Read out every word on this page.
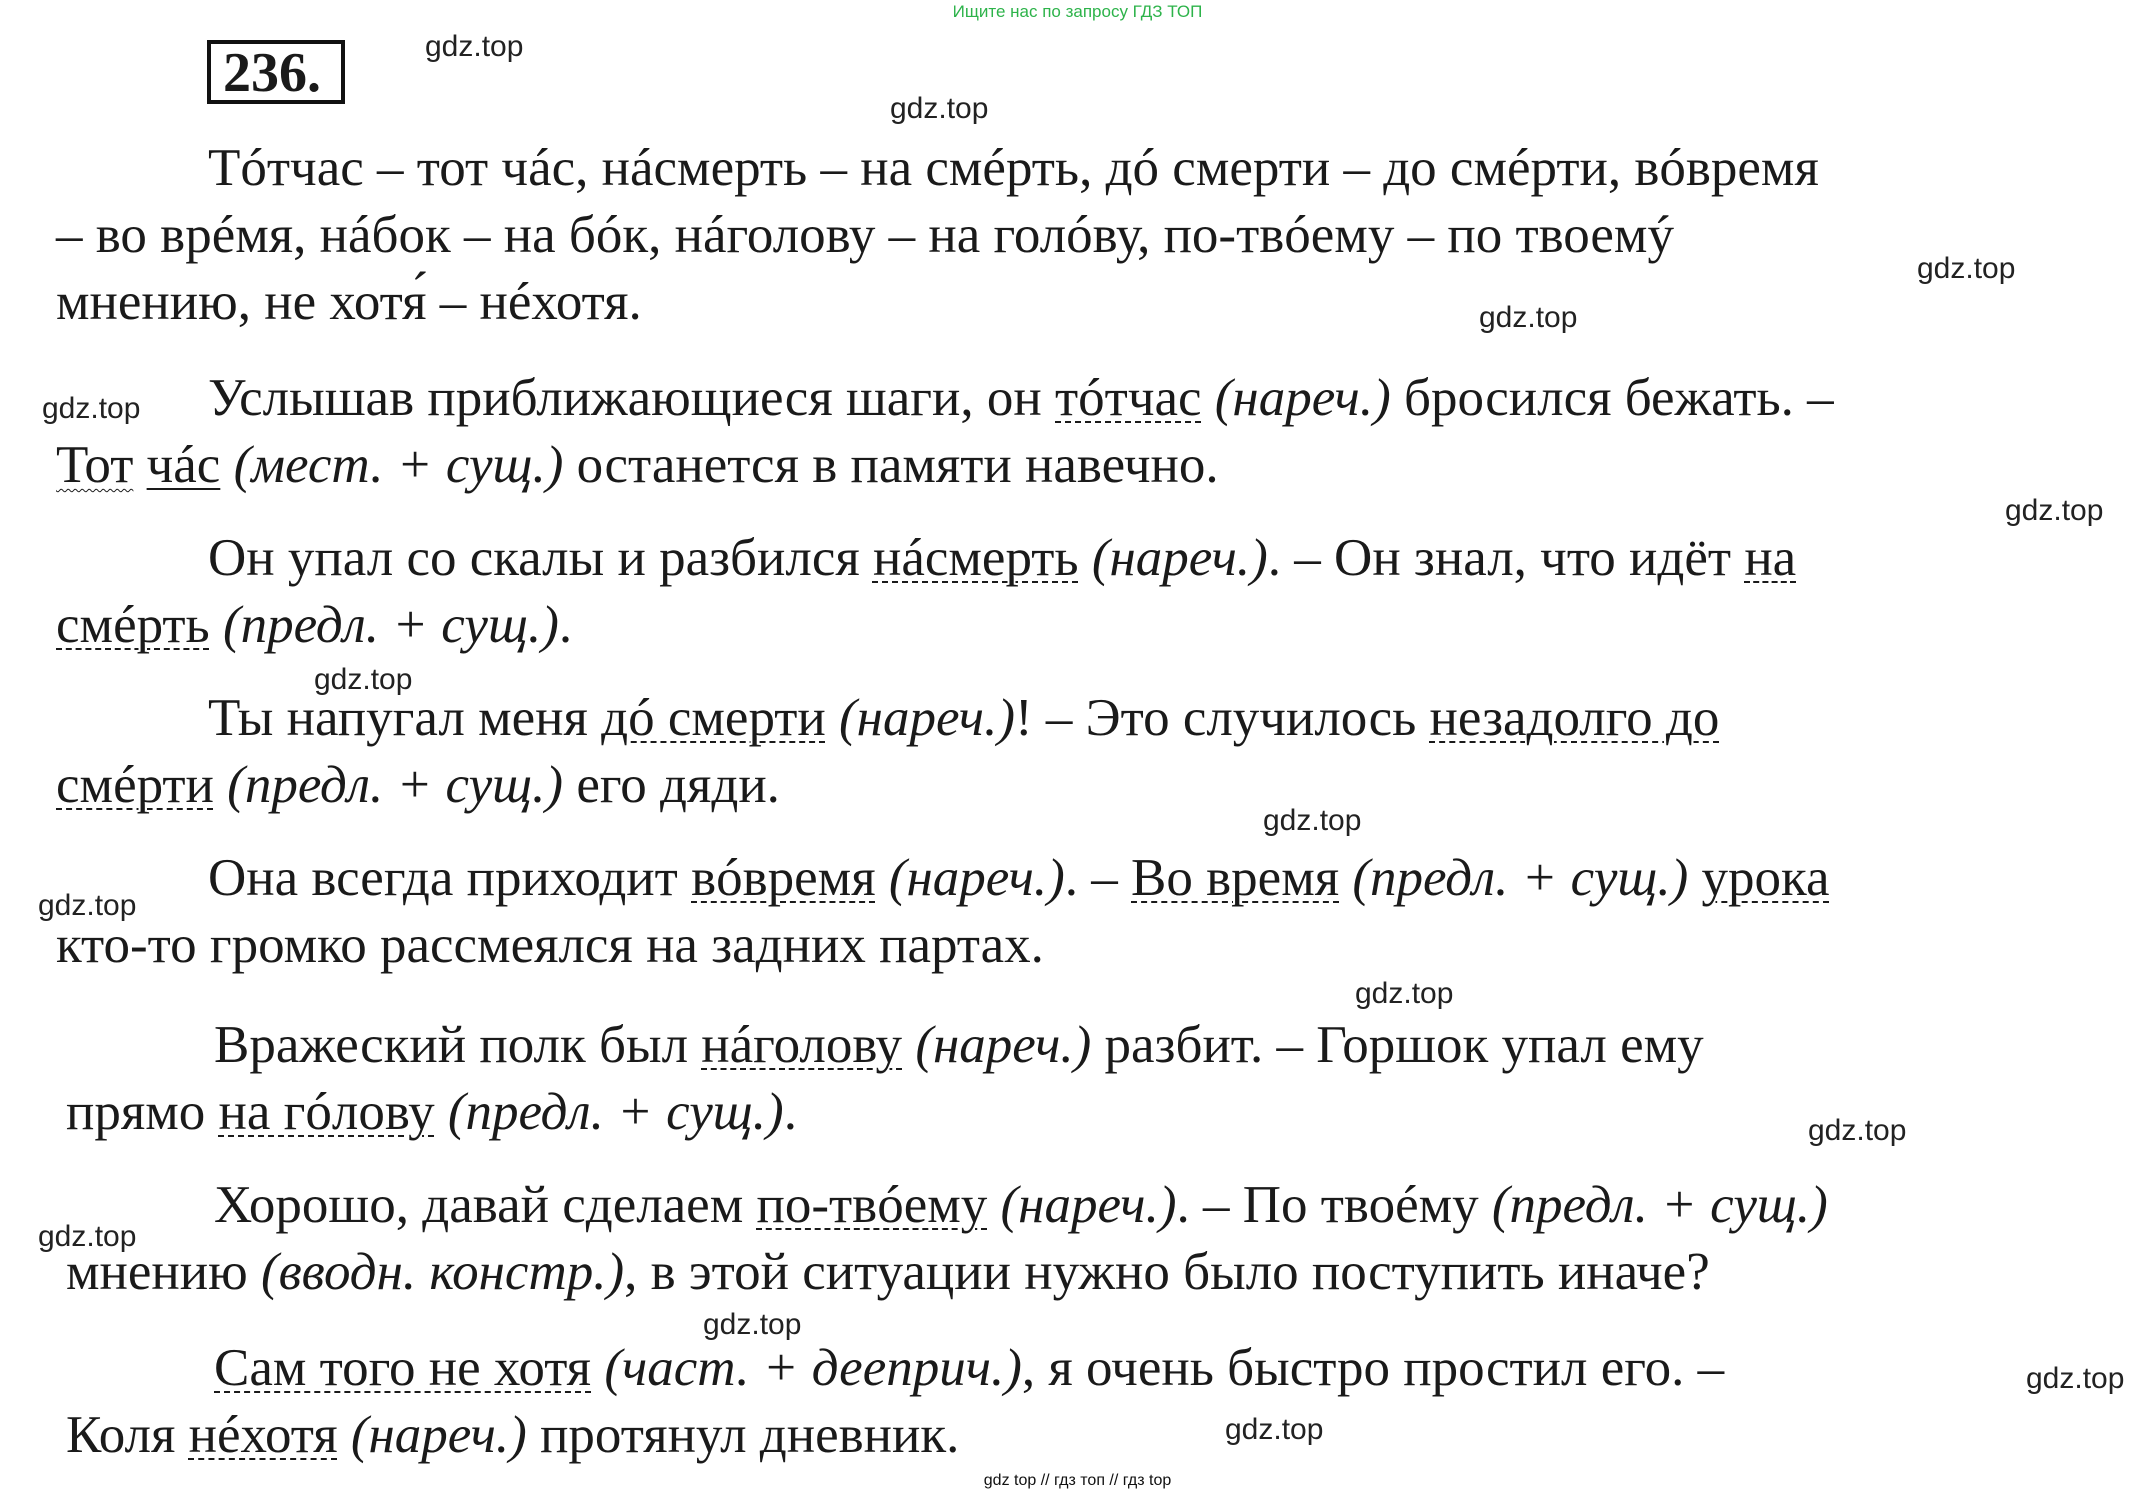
Ищите нас по запросу ГДЗ ТОП
236.	gdz.top
gdz.top
gdz.top
gdz.top
gdz.top
gdz.top
gdz.top
gdz.top
gdz.top
gdz.top
gdz.top
gdz.top
gdz.top
gdz.top
gdz.top
Тóтчас – тот чáс, нáсмерть – на смéрть, дó смерти – до смéрти, вóвремя
– во врéмя, нáбок – на бóк, нáголову – на голóву, по-твóему – по твоемý
мнению, не хотя́ – нéхотя.
Услышав приближающиеся шаги, он тóтчас (нареч.) бросился бежать. –
Тот чáс (мест. + сущ.) останется в памяти навечно.
Он упал со скалы и разбился нáсмерть (нареч.). – Он знал, что идёт на
смéрть (предл. + сущ.).
Ты напугал меня дó смерти (нареч.)! – Это случилось незадолго до
смéрти (предл. + сущ.) его дяди.
Она всегда приходит вóвремя (нареч.). – Во время (предл. + сущ.) урока
кто-то громко рассмеялся на задних партах.
Вражеский полк был нáголову (нареч.) разбит. – Горшок упал ему
прямо на гóлову (предл. + сущ.).
Хорошо, давай сделаем по-твóему (нареч.). – По твоéму (предл. + сущ.)
мнению (вводн. констр.), в этой ситуации нужно было поступить иначе?
Сам того не хотя (част. + дееприч.), я очень быстро простил его. –
Коля нéхотя (нареч.) протянул дневник.
gdz top // гдз топ // гдз top
